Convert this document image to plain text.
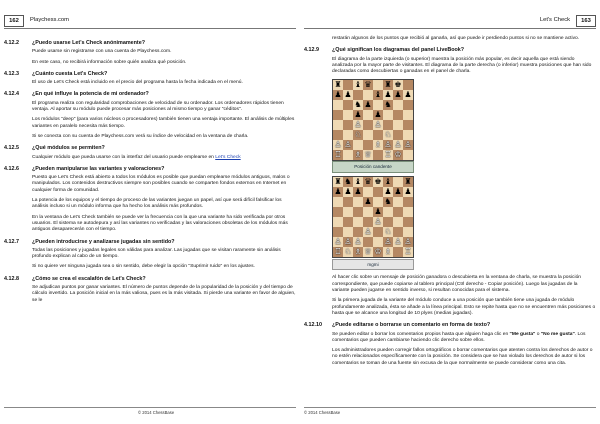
162	Playchess.com
4.12.2 ¿Puedo usarse Let's Check anónimamente?

Puede usarse sin registrarse con una cuenta de Playchess.com.

En este caso, no recibirá información sobre quién analiza qué posición.

4.12.3 ¿Cuánto cuesta Let's Check?

El uso de Let's Check está incluido en el precio del programa hasta la fecha indicada en el menú.

4.12.4 ¿En qué influye la potencia de mi ordenador?

El programa realiza con regularidad comprobaciones de velocidad de su ordenador. Los ordenadores rápidos tienen ventaja. Al aportar su módulo puede procesar más posiciones al mismo tiempo y ganar "céditos".

Los módulos "deep" (para varios núcleos o procesadores) también tienen una ventaja importante. El análisis de múltiples variantes en paralelo necesita más tiempo.

Si se conecta con su cuenta de Playchess.com verá su índice de velocidad en la ventana de charla.

4.12.5 ¿Qué módulos se permiten?

Cualquier módulo que pueda usarse con la interfaz del usuario puede emplearse en Let's Check

4.12.6 ¿Pueden manipularse las variantes y valoraciones?

Puesto que Let's Check está abierto a todos los módulos es posible que puedan emplearse módulos antiguos, malos o manipulados. Los contenidos destructivos siempre son posibles cuando se comparten fondos externos en Internet en cualquier forma de comunidad.

La potencia de los equipos y el tiempo de proceso de las variantes juegan un papel, así que será difícil falsificar los análisis incluso si un módulo informa que ha hecho los análisis más profundos.

En la ventana de Let's Check también se puede ver la frecuencia con la que una variante ha sido verificada por otros usuarios. El sistema se autodepura y así las variantes no verificadas y las valoraciones obsoletas de los módulos más antiguos desaparecerán con el tiempo.

4.12.7 ¿Pueden introducirse y analizarse jugadas sin sentido?

Todas las posiciones y jugadas legales son válidas para analizar. Las jugadas que se visitan raramente sin análisis profundo explican al cabo de un tiempo.

Si no quiere ver ninguna jugada sea o sin sentido, debe elegir la opción "Suprimir ruido" en los ajustes.

4.12.8 ¿Cómo se crea el escalafón de Let's Check?

Se adjudican puntos por ganar variantes. El número de puntos depende de la popularidad de la posición y del tiempo de cálculo invertido. La posición inicial en la más valiosa, pues es la más visitada. Si pierde una variante en favor de alguien, se le

© 2014 ChessBase
Let's Check	163

restarán algunos de los puntos que recibió al ganarla, así que puede ir perdiendo puntos si no se mantiene activo.

4.12.9 ¿Qué significan los diagramas del panel LiveBook?

El diagrama de la parte izquierda (o superior) muestra la posición más popular, es decir aquella que está siendo analizada por la mayor parte de visitantes. El diagrama de la parte derecha (o inferior) muestra posiciones que han sido declaradas como descubiertas o ganadas en el panel de charla.

♜ ♝ ♛ ♜ ♚
♟ ♟	♝ ♟ ♟ ♟
♞ ♟ ♞
♟ ♟
♙ ♙
♘	♘
♙ ♙	♗ ♙ ♙ ♙
♖ ♗ ♕ ♖ ♔
Posición candente
♜ ♞ ♝ ♛ ♚ ♝ ♜
♟ ♟ ♟	♟ ♟ ♟
♟ ♞
♟
♙
♙ ♘
♙ ♙ ♙	♙ ♙ ♙
♖ ♘ ♗ ♕ ♔ ♗ ♖
mgmi

Al hacer clic sobre un mensaje de posición ganadora o descubierta en la ventana de charla, se muestra la posición correspondiente, que puede copiarse al tablero principal (Ctrl derecho - Copiar posición). Luego las jugadas de la variante pueden jugarse en sentido inverso, si resultan conocidas para el sistema.

Si la primera jugada de la variante del módulo conduce a una posición que también tiene una jugada de módulo profundamente analizada, ésta se añade a la línea principal. Esto se repite hasta que no se encuentren más posiciones o hasta que se alcance una longitud de 10 plyes (medias jugadas).

4.12.10 ¿Puede editarse o borrarse un comentario en forma de texto?

Se pueden editar o borrar los comentarios propios hasta que alguien haga clic en "Me gusta" o "No me gusta". Los comentarios que pueden cambiarse haciendo clic derecho sobre ellos.

Los administradores pueden corregir fallos ortográficos o borrar comentarios que atenten contra los derechos de autor o no estén relacionados específicamente con la posición. Se considera que se han violado los derechos de autor si los comentarios se toman de una fuente sin excusa de la que normalmente se puede considerar como una cita.

© 2014 ChessBase
